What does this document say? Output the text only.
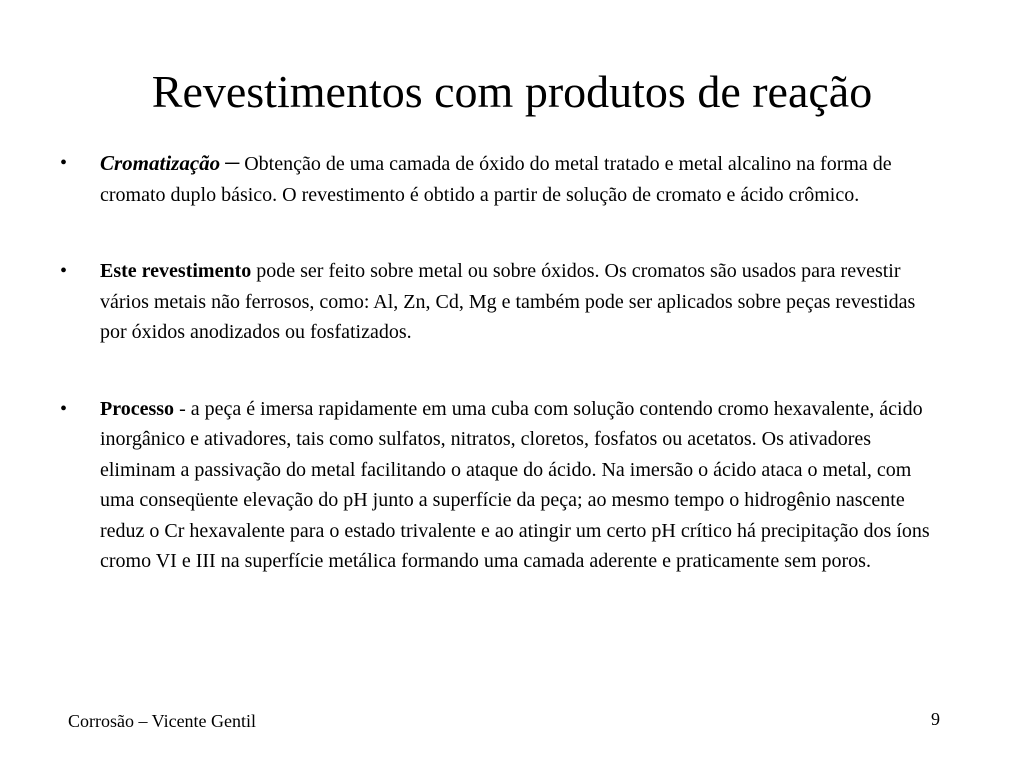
Revestimentos com produtos de reação
• Cromatização – Obtenção de uma camada de óxido do metal tratado e metal alcalino na forma de cromato duplo básico. O revestimento é obtido a partir de solução de cromato e ácido crômico.
• Este revestimento pode ser feito sobre metal ou sobre óxidos. Os cromatos são usados para revestir vários metais não ferrosos, como: Al, Zn, Cd, Mg e também pode ser aplicados sobre peças revestidas por óxidos anodizados ou fosfatizados.
• Processo - a peça é imersa rapidamente em uma cuba com solução contendo cromo hexavalente, ácido inorgânico e ativadores, tais como sulfatos, nitratos, cloretos, fosfatos ou acetatos. Os ativadores eliminam a passivação do metal facilitando o ataque do ácido. Na imersão o ácido ataca o metal, com uma conseqüente elevação do pH junto a superfície da peça; ao mesmo tempo o hidrogênio nascente reduz o Cr hexavalente para o estado trivalente e ao atingir um certo pH crítico há precipitação dos íons cromo VI e III na superfície metálica formando uma camada aderente e praticamente sem poros.
Corrosão – Vicente Gentil	9
